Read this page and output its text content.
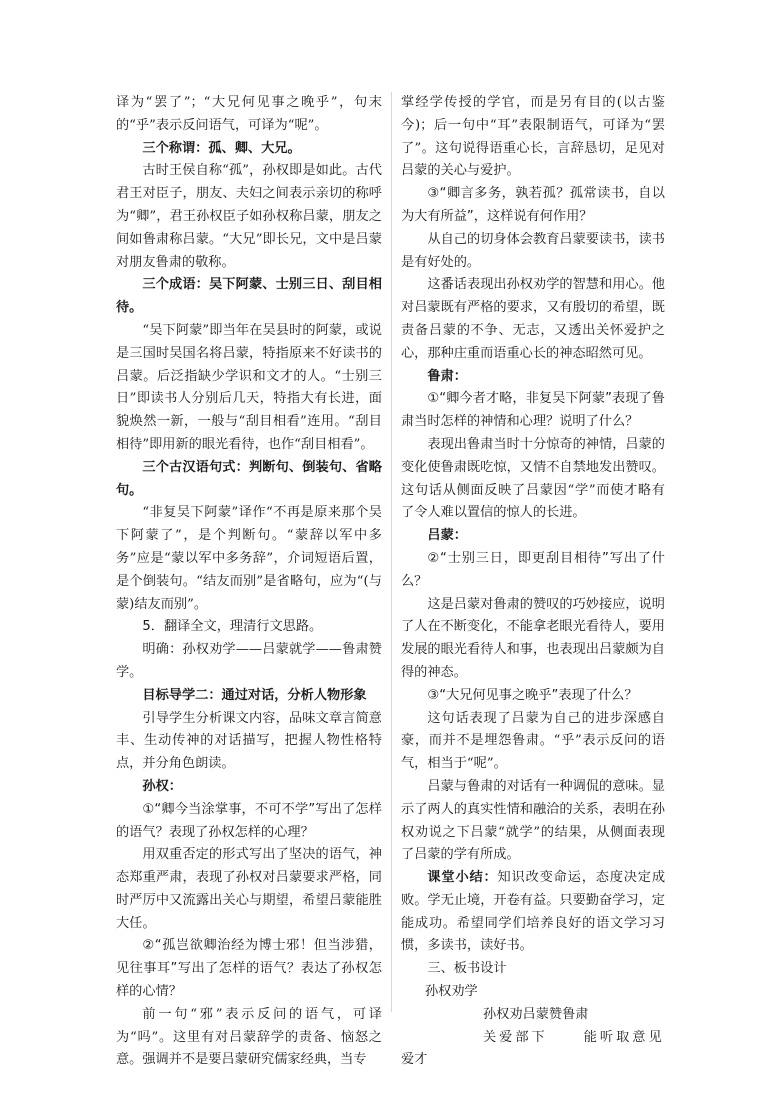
译为“罢了”；“大兄何见事之晚乎”，句末的“乎”表示反问语气，可译为“呢”。

三个称谓：孤、卿、大兄。

古时王侯自称“孤”，孙权即是如此。古代君王对臣子，朋友、夫妇之间表示亲切的称呼为“卿”，君王孙权臣子如孙权称吕蒙，朋友之间如鲁肃称吕蒙。“大兄”即长兄，文中是吕蒙对朋友鲁肃的敬称。

三个成语：吴下阿蒙、士别三日、刮目相待。

“吴下阿蒙”即当年在吴县时的阿蒙，或说是三国时吴国名将吕蒙，特指原来不好读书的吕蒙。后泛指缺少学识和文才的人。“士别三日”即读书人分别后几天，特指大有长进，面貌焕然一新，一般与“刮目相看”连用。“刮目相待”即用新的眼光看待，也作“刮目相看”。

三个古汉语句式：判断句、倒装句、省略句。

“非复吴下阿蒙”译作“不再是原来那个吴下阿蒙了”，是个判断句。“蒙辞以军中多务”应是“蒙以军中多务辞”，介词短语后置，是个倒装句。“结友而别”是省略句，应为“(与蒙)结友而别”。

5．翻译全文，理清行文思路。

明确：孙权劝学——吕蒙就学——鲁肃赞学。

目标导学二：通过对话，分析人物形象

引导学生分析课文内容，品味文章言简意丰、生动传神的对话描写，把握人物性格特点，并分角色朗读。

孙权：

①“卿今当涂掌事，不可不学”写出了怎样的语气？表现了孙权怎样的心理？

用双重否定的形式写出了坚决的语气，神态郑重严肃，表现了孙权对吕蒙要求严格，同时严厉中又流露出关心与期望，希望吕蒙能胜大任。

②“孤岂欲卿治经为博士邪！但当涉猎，见往事耳”写出了怎样的语气？表达了孙权怎样的心情？

前一句“邪”表示反问的语气，可译为“吗”。这里有对吕蒙辞学的责备、恼怒之意。强调并不是要吕蒙研究儒家经典，当专

掌经学传授的学官，而是另有目的(以古鉴今)；后一句中“耳”表限制语气，可译为“罢了”。这句说得语重心长，言辞恳切，足见对吕蒙的关心与爱护。

③“卿言多务，孰若孤？孤常读书，自以为大有所益”，这样说有何作用？

从自己的切身体会教育吕蒙要读书，读书是有好处的。

这番话表现出孙权劝学的智慧和用心。他对吕蒙既有严格的要求，又有殷切的希望，既责备吕蒙的不争、无志，又透出关怀爱护之心，那种庄重而语重心长的神态昭然可见。

鲁肃：

①“卿今者才略，非复吴下阿蒙”表现了鲁肃当时怎样的神情和心理？说明了什么？

表现出鲁肃当时十分惊奇的神情，吕蒙的变化使鲁肃既吃惊，又情不自禁地发出赞叹。这句话从侧面反映了吕蒙因“学”而使才略有了令人难以置信的惊人的长进。

吕蒙：

②“士别三日，即更刮目相待”写出了什么？

这是吕蒙对鲁肃的赞叹的巧妙接应，说明了人在不断变化，不能拿老眼光看待人，要用发展的眼光看待人和事，也表现出吕蒙颇为自得的神态。

③“大兄何见事之晚乎”表现了什么？

这句话表现了吕蒙为自己的进步深感自豪，而并不是埋怨鲁肃。“乎”表示反问的语气，相当于“呢”。

吕蒙与鲁肃的对话有一种调侃的意味。显示了两人的真实性情和融洽的关系，表明在孙权劝说之下吕蒙“就学”的结果，从侧面表现了吕蒙的学有所成。

课堂小结：知识改变命运，态度决定成败。学无止境，开卷有益。只要勤奋学习，定能成功。希望同学们培养良好的语文学习习惯，多读书，读好书。

三、板书设计

孙权劝学

孙权劝吕蒙赞鲁肃

关爱部下	能听取意见

爱才
